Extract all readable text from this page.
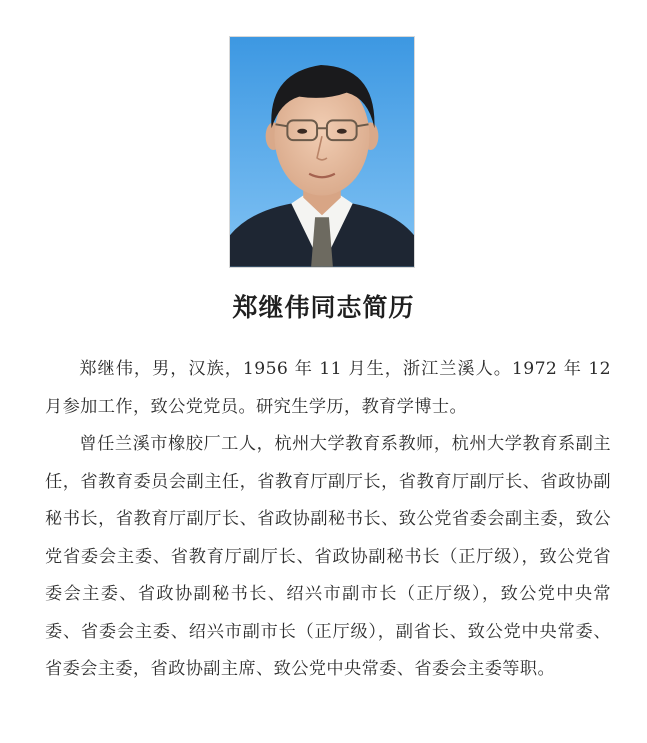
郑继伟同志简历

郑继伟，男，汉族，1956 年 11 月生，浙江兰溪人。1972 年 12 月参加工作，致公党党员。研究生学历，教育学博士。

曾任兰溪市橡胶厂工人，杭州大学教育系教师，杭州大学教育系副主任，省教育委员会副主任，省教育厅副厅长，省教育厅副厅长、省政协副秘书长，省教育厅副厅长、省政协副秘书长、致公党省委会副主委，致公党省委会主委、省教育厅副厅长、省政协副秘书长（正厅级），致公党省委会主委、省政协副秘书长、绍兴市副市长（正厅级），致公党中央常委、省委会主委、绍兴市副市长（正厅级），副省长、致公党中央常委、省委会主委，省政协副主席、致公党中央常委、省委会主委等职。
